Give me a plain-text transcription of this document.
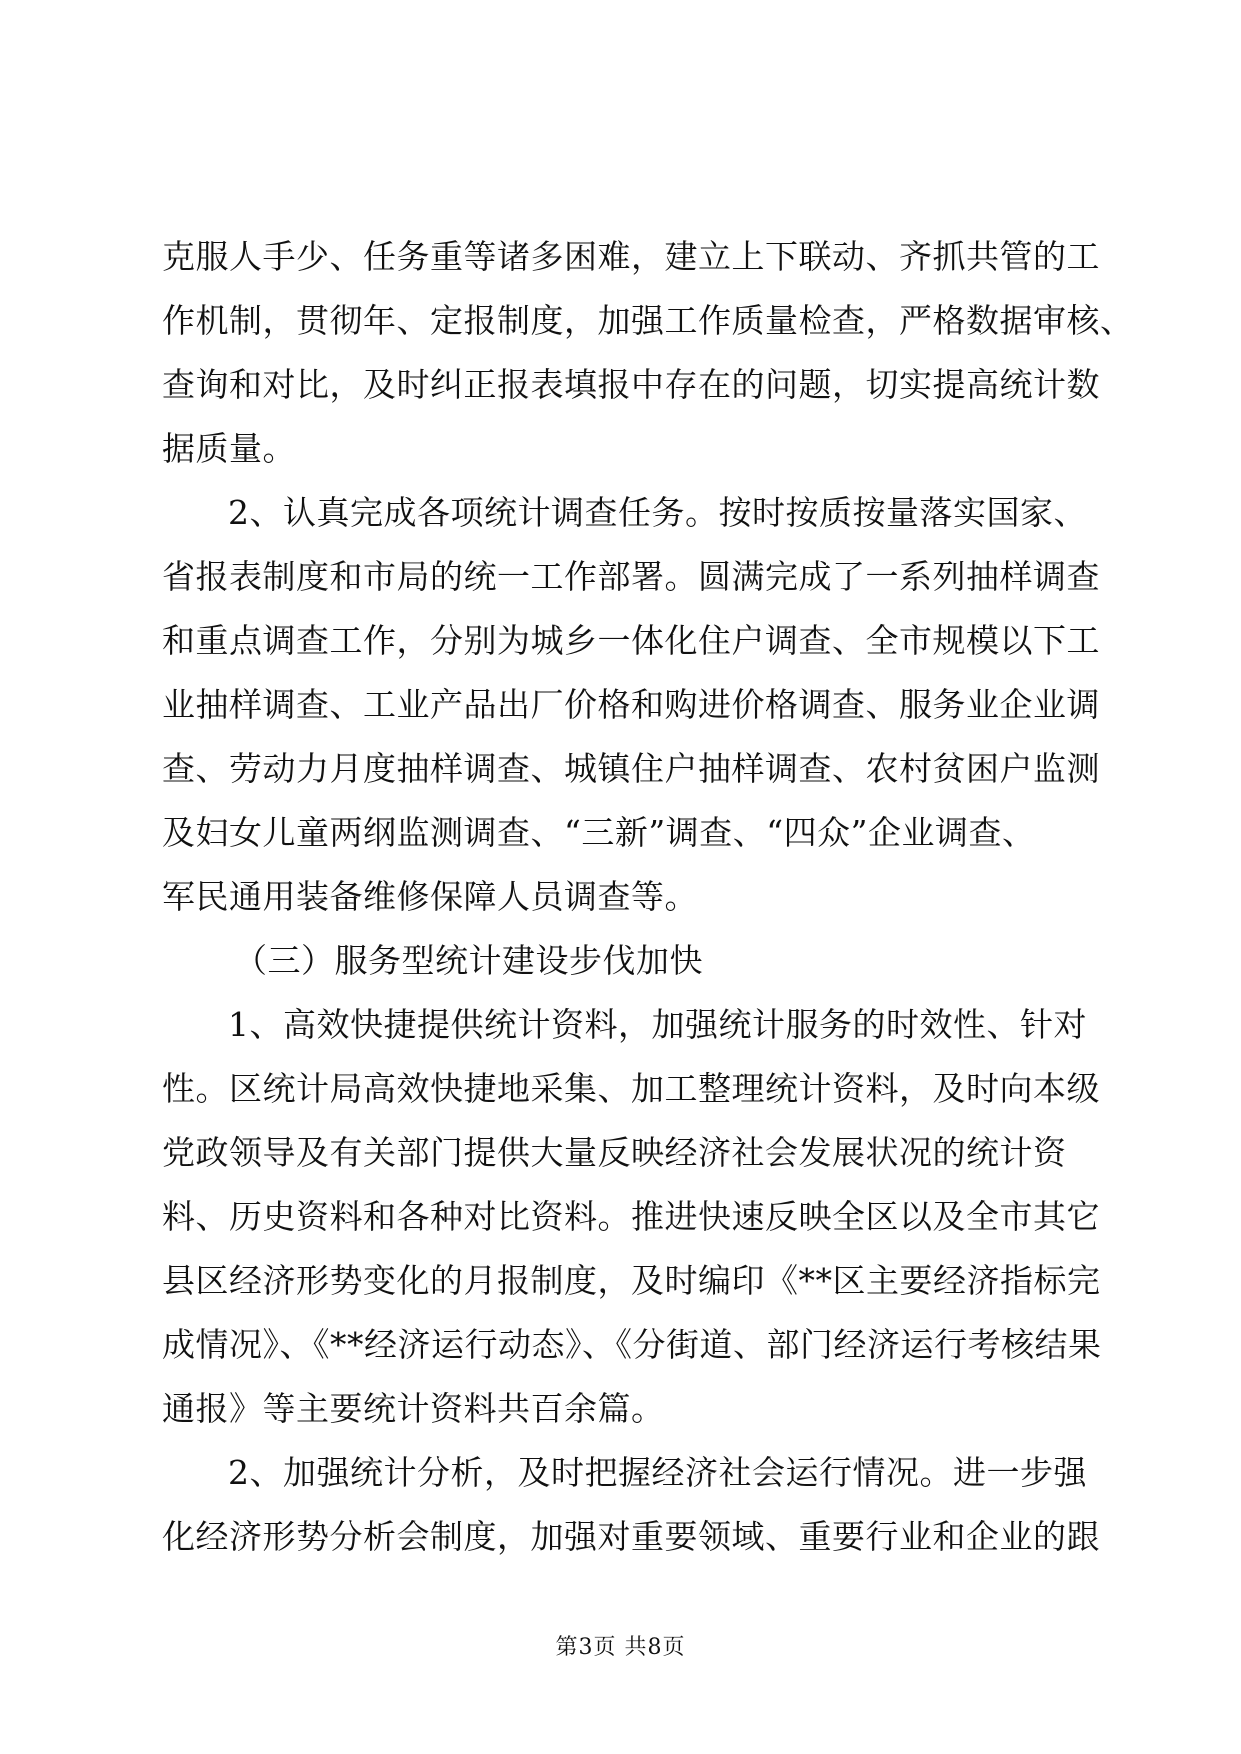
克服人手少、任务重等诸多困难，建立上下联动、齐抓共管的工
作机制，贯彻年、定报制度，加强工作质量检查，严格数据审核、
查询和对比，及时纠正报表填报中存在的问题，切实提高统计数
据质量。
2、认真完成各项统计调查任务。按时按质按量落实国家、
省报表制度和市局的统一工作部署。圆满完成了一系列抽样调查
和重点调查工作，分别为城乡一体化住户调查、全市规模以下工
业抽样调查、工业产品出厂价格和购进价格调查、服务业企业调
查、劳动力月度抽样调查、城镇住户抽样调查、农村贫困户监测
及妇女儿童两纲监测调查、“三新”调查、“四众”企业调查、
军民通用装备维修保障人员调查等。
（三）服务型统计建设步伐加快
1、高效快捷提供统计资料，加强统计服务的时效性、针对
性。区统计局高效快捷地采集、加工整理统计资料，及时向本级
党政领导及有关部门提供大量反映经济社会发展状况的统计资
料、历史资料和各种对比资料。推进快速反映全区以及全市其它
县区经济形势变化的月报制度，及时编印《**区主要经济指标完
成情况》、《**经济运行动态》、《分街道、部门经济运行考核结果
通报》等主要统计资料共百余篇。
2、加强统计分析，及时把握经济社会运行情况。进一步强
化经济形势分析会制度，加强对重要领域、重要行业和企业的跟
第3页 共8页
